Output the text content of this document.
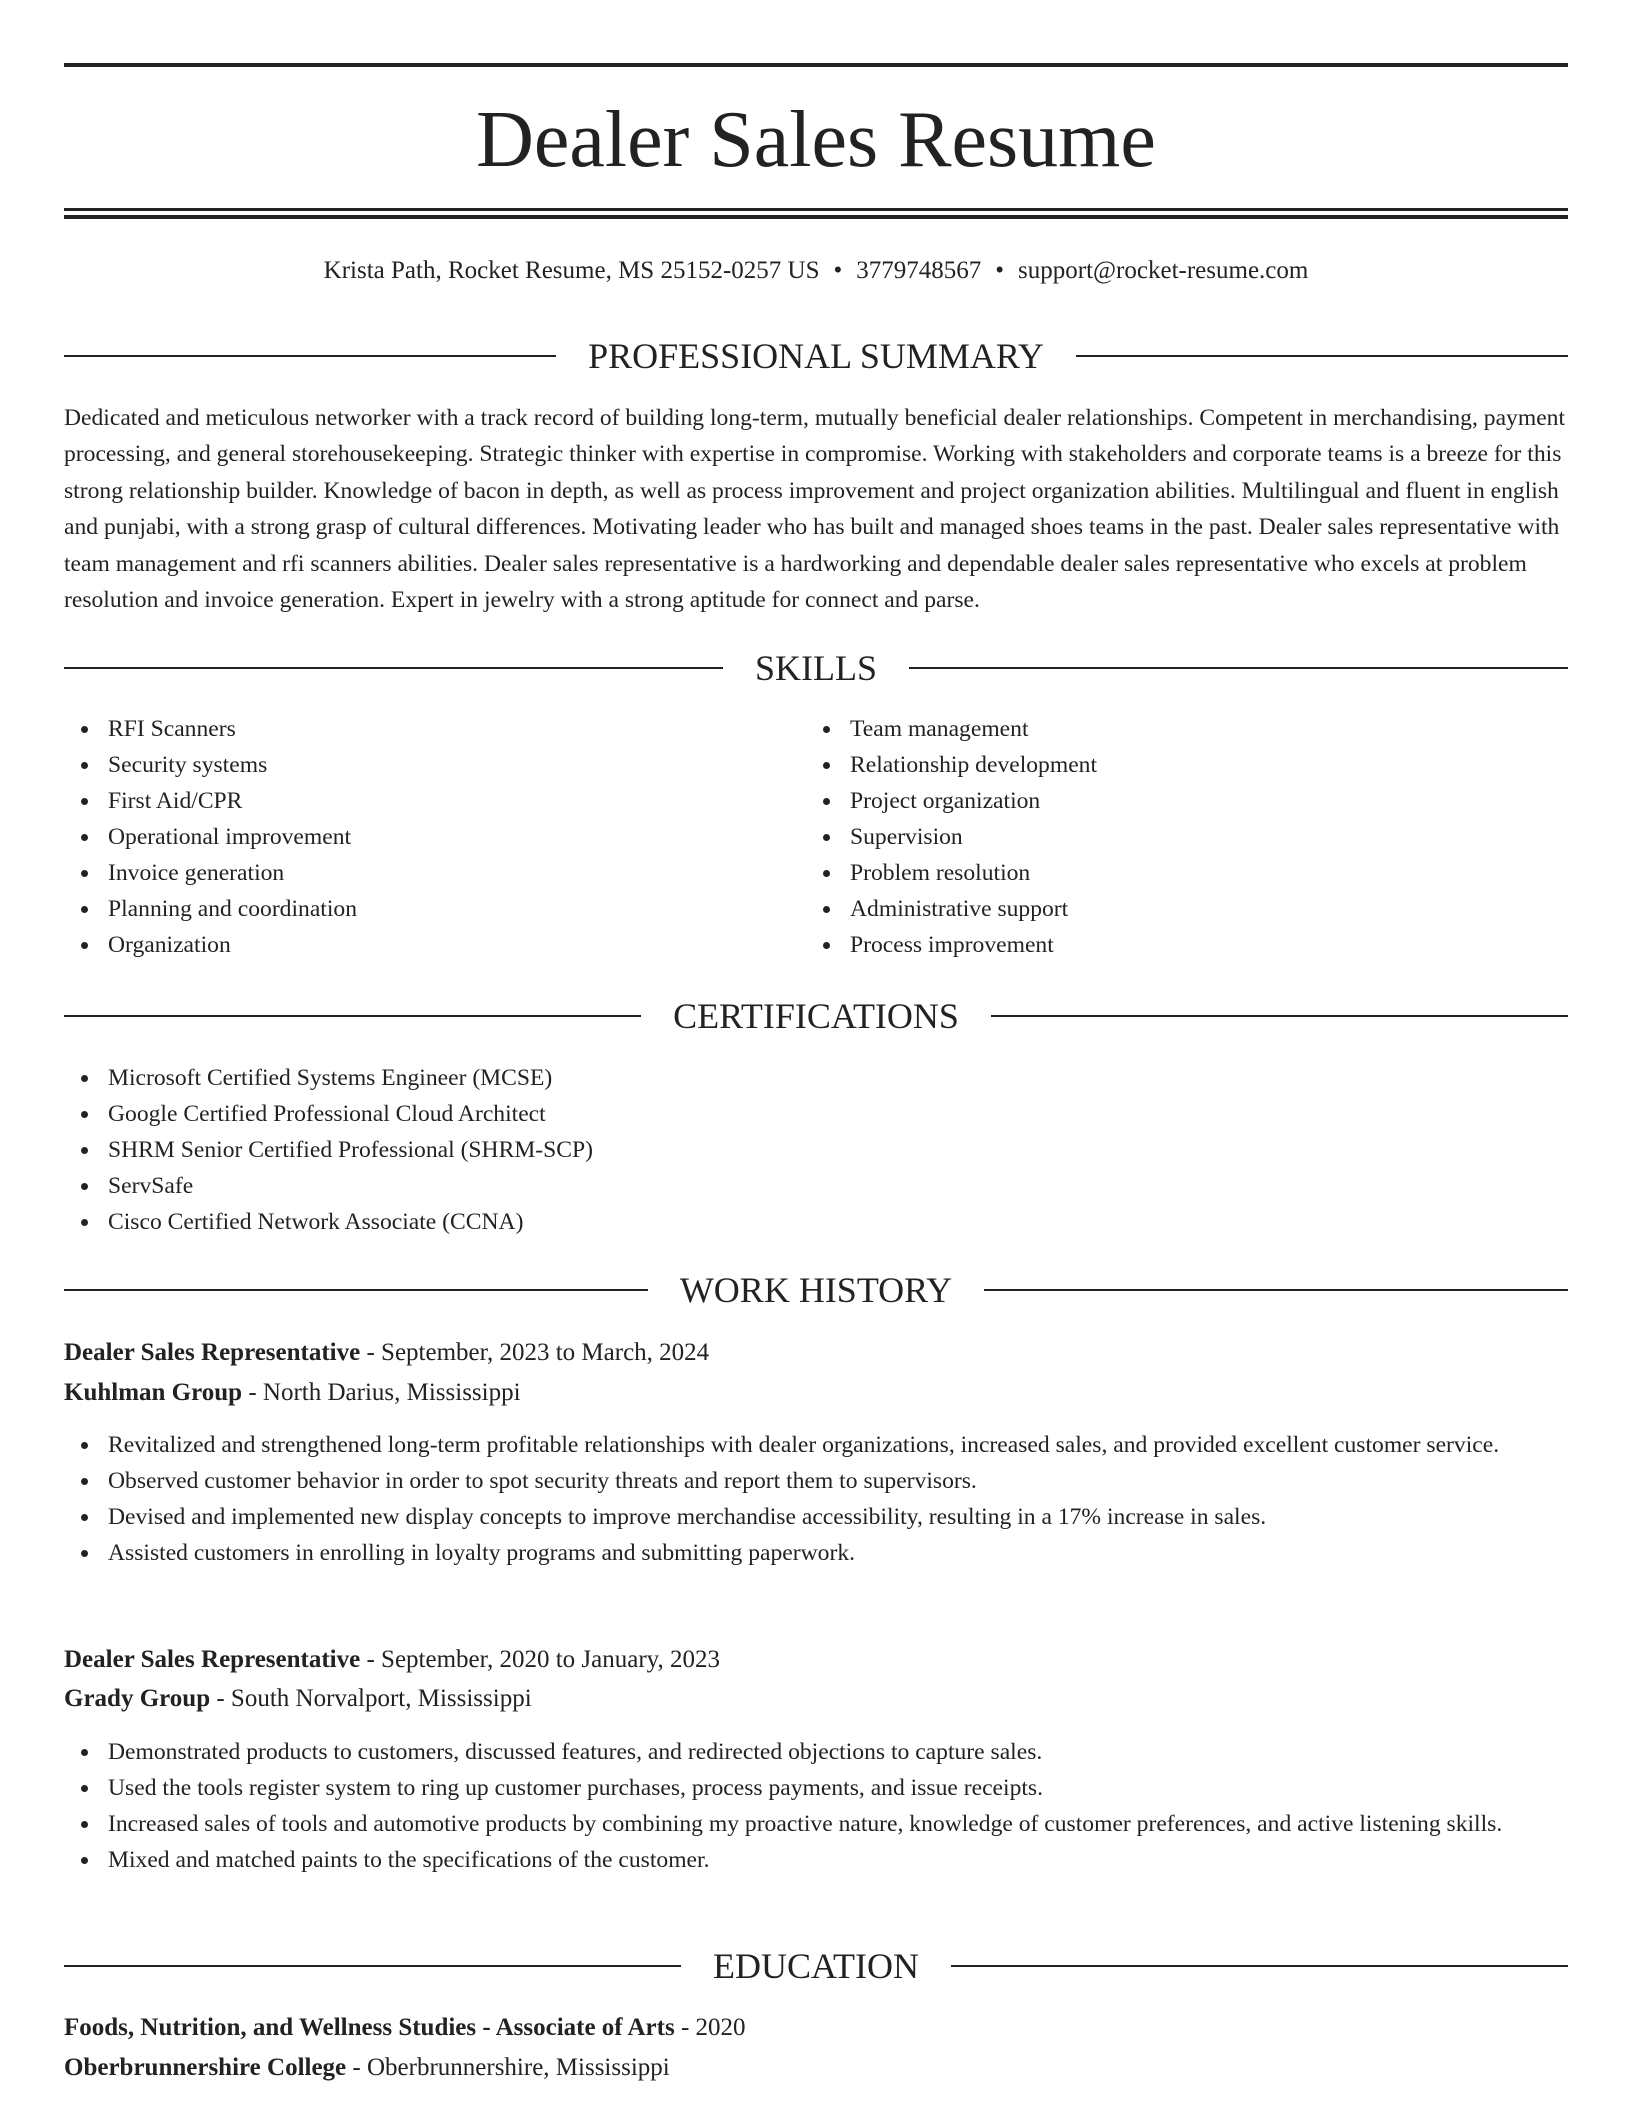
Dealer Sales Resume
Krista Path, Rocket Resume, MS 25152-0257 US • 3779748567 • support@rocket-resume.com
PROFESSIONAL SUMMARY

Dedicated and meticulous networker with a track record of building long-term, mutually beneficial dealer relationships. Competent in merchandising, payment processing, and general storehousekeeping. Strategic thinker with expertise in compromise. Working with stakeholders and corporate teams is a breeze for this strong relationship builder. Knowledge of bacon in depth, as well as process improvement and project organization abilities. Multilingual and fluent in english and punjabi, with a strong grasp of cultural differences. Motivating leader who has built and managed shoes teams in the past. Dealer sales representative with team management and rfi scanners abilities. Dealer sales representative is a hardworking and dependable dealer sales representative who excels at problem resolution and invoice generation. Expert in jewelry with a strong aptitude for connect and parse.

SKILLS
RFI Scanners
Security systems
First Aid/CPR
Operational improvement
Invoice generation
Planning and coordination
Organization
Team management
Relationship development
Project organization
Supervision
Problem resolution
Administrative support
Process improvement
CERTIFICATIONS
Microsoft Certified Systems Engineer (MCSE)
Google Certified Professional Cloud Architect
SHRM Senior Certified Professional (SHRM-SCP)
ServSafe
Cisco Certified Network Associate (CCNA)
WORK HISTORY
Dealer Sales Representative - September, 2023 to March, 2024
Kuhlman Group - North Darius, Mississippi
Revitalized and strengthened long-term profitable relationships with dealer organizations, increased sales, and provided excellent customer service.
Observed customer behavior in order to spot security threats and report them to supervisors.
Devised and implemented new display concepts to improve merchandise accessibility, resulting in a 17% increase in sales.
Assisted customers in enrolling in loyalty programs and submitting paperwork.
Dealer Sales Representative - September, 2020 to January, 2023
Grady Group - South Norvalport, Mississippi
Demonstrated products to customers, discussed features, and redirected objections to capture sales.
Used the tools register system to ring up customer purchases, process payments, and issue receipts.
Increased sales of tools and automotive products by combining my proactive nature, knowledge of customer preferences, and active listening skills.
Mixed and matched paints to the specifications of the customer.
EDUCATION
Foods, Nutrition, and Wellness Studies - Associate of Arts - 2020
Oberbrunnershire College - Oberbrunnershire, Mississippi
